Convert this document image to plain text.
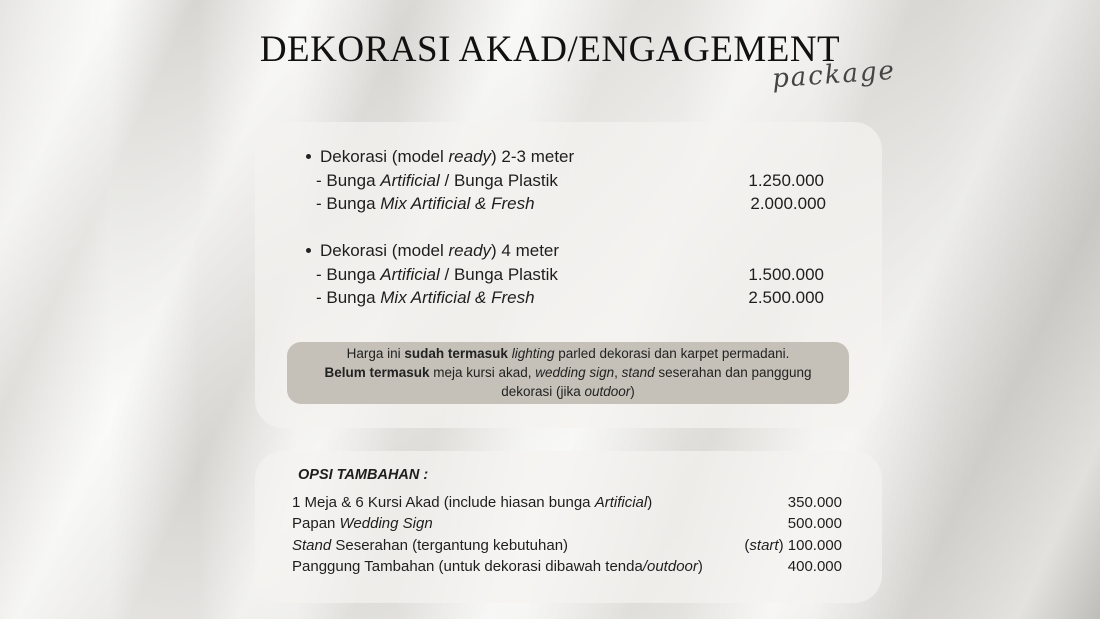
DEKORASI AKAD/ENGAGEMENT
package
Dekorasi (model ready) 2-3 meter
- Bunga Artificial / Bunga Plastik	1.250.000
- Bunga Mix Artificial & Fresh	2.000.000
Dekorasi (model ready) 4 meter
- Bunga Artificial / Bunga Plastik	1.500.000
- Bunga Mix Artificial & Fresh	2.500.000
Harga ini sudah termasuk lighting parled dekorasi dan karpet permadani.
Belum termasuk meja kursi akad, wedding sign, stand seserahan dan panggung
dekorasi (jika outdoor)
OPSI TAMBAHAN :
1 Meja & 6 Kursi Akad (include hiasan bunga Artificial)	350.000
Papan Wedding Sign	500.000
Stand Seserahan (tergantung kebutuhan)	(start) 100.000
Panggung Tambahan (untuk dekorasi dibawah tenda/outdoor)	400.000
